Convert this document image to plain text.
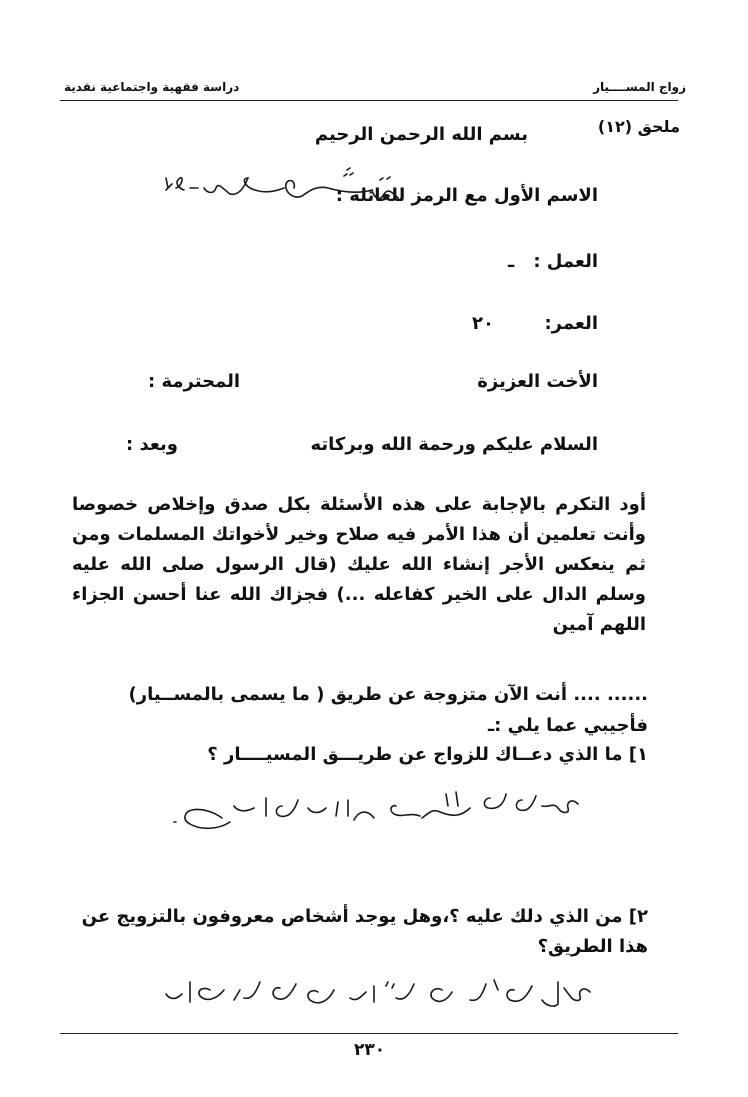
زواج المســــيار
دراسة فقهية واجتماعية نقدية
ملحق (١٢)
بسم الله الرحمن الرحيم
الاسم الأول مع الرمز للعائلة :
العمل :
ـ
العمر:
٢٠
الأخت العزيزة
المحترمة :
السلام عليكم ورحمة الله وبركاته
وبعد :
أود التكرم بالإجابة على هذه الأسئلة بكل صدق وإخلاص خصوصا وأنت تعلمين أن هذا الأمر فيه صلاح وخير لأخواتك المسلمات ومن ثم ينعكس الأجر إنشاء الله عليك (قال الرسول صلى الله عليه وسلم الدال على الخير كفاعله ...) فجزاك الله عنا أحسن الجزاء اللهم آمين
...... .... أنت الآن متزوجة عن طريق ( ما يسمى بالمســيار)
فأجيبي عما يلي :ـ
١] ما الذي دعــاك للزواج عن طريـــق المسيــــار ؟
٢] من الذي دلك عليه ؟،وهل يوجد أشخاص معروفون بالتزويج عن هذا الطريق؟
٢٣٠
